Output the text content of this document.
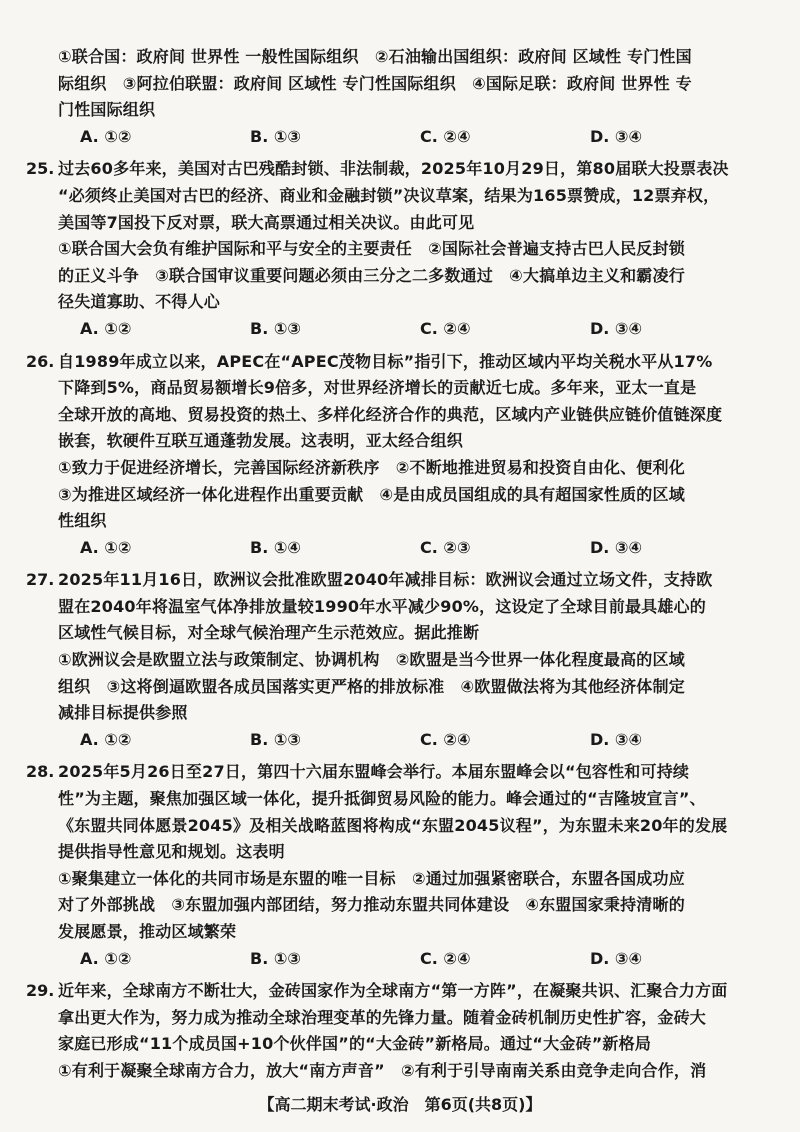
①联合国：政府间 世界性 一般性国际组织　②石油输出国组织：政府间 区域性 专门性国
际组织　③阿拉伯联盟：政府间 区域性 专门性国际组织　④国际足联：政府间 世界性 专
门性国际组织
A. ①②	B. ①③	C. ②④	D. ③④
25. 过去60多年来，美国对古巴残酷封锁、非法制裁，2025年10月29日，第80届联大投票表决
“必须终止美国对古巴的经济、商业和金融封锁”决议草案，结果为165票赞成，12票弃权，
美国等7国投下反对票，联大高票通过相关决议。由此可见
①联合国大会负有维护国际和平与安全的主要责任　②国际社会普遍支持古巴人民反封锁
的正义斗争　③联合国审议重要问题必须由三分之二多数通过　④大搞单边主义和霸凌行
径失道寡助、不得人心
A. ①②	B. ①③	C. ②④	D. ③④
26. 自1989年成立以来，APEC在“APEC茂物目标”指引下，推动区域内平均关税水平从17%
下降到5%，商品贸易额增长9倍多，对世界经济增长的贡献近七成。多年来，亚太一直是
全球开放的高地、贸易投资的热土、多样化经济合作的典范，区域内产业链供应链价值链深度
嵌套，软硬件互联互通蓬勃发展。这表明，亚太经合组织
①致力于促进经济增长，完善国际经济新秩序　②不断地推进贸易和投资自由化、便利化
③为推进区域经济一体化进程作出重要贡献　④是由成员国组成的具有超国家性质的区域
性组织
A. ①②	B. ①④	C. ②③	D. ③④
27. 2025年11月16日，欧洲议会批准欧盟2040年减排目标：欧洲议会通过立场文件，支持欧
盟在2040年将温室气体净排放量较1990年水平减少90%，这设定了全球目前最具雄心的
区域性气候目标，对全球气候治理产生示范效应。据此推断
①欧洲议会是欧盟立法与政策制定、协调机构　②欧盟是当今世界一体化程度最高的区域
组织　③这将倒逼欧盟各成员国落实更严格的排放标准　④欧盟做法将为其他经济体制定
减排目标提供参照
A. ①②	B. ①③	C. ②④	D. ③④
28. 2025年5月26日至27日，第四十六届东盟峰会举行。本届东盟峰会以“包容性和可持续
性”为主题，聚焦加强区域一体化，提升抵御贸易风险的能力。峰会通过的“吉隆坡宣言”、
《东盟共同体愿景2045》及相关战略蓝图将构成“东盟2045议程”，为东盟未来20年的发展
提供指导性意见和规划。这表明
①聚集建立一体化的共同市场是东盟的唯一目标　②通过加强紧密联合，东盟各国成功应
对了外部挑战　③东盟加强内部团结，努力推动东盟共同体建设　④东盟国家秉持清晰的
发展愿景，推动区域繁荣
A. ①②	B. ①③	C. ②④	D. ③④
29. 近年来，全球南方不断壮大，金砖国家作为全球南方“第一方阵”，在凝聚共识、汇聚合力方面
拿出更大作为，努力成为推动全球治理变革的先锋力量。随着金砖机制历史性扩容，金砖大
家庭已形成“11个成员国+10个伙伴国”的“大金砖”新格局。通过“大金砖”新格局
①有利于凝聚全球南方合力，放大“南方声音”　②有利于引导南南关系由竞争走向合作，消
【高二期末考试·政治　第6页(共8页)】
